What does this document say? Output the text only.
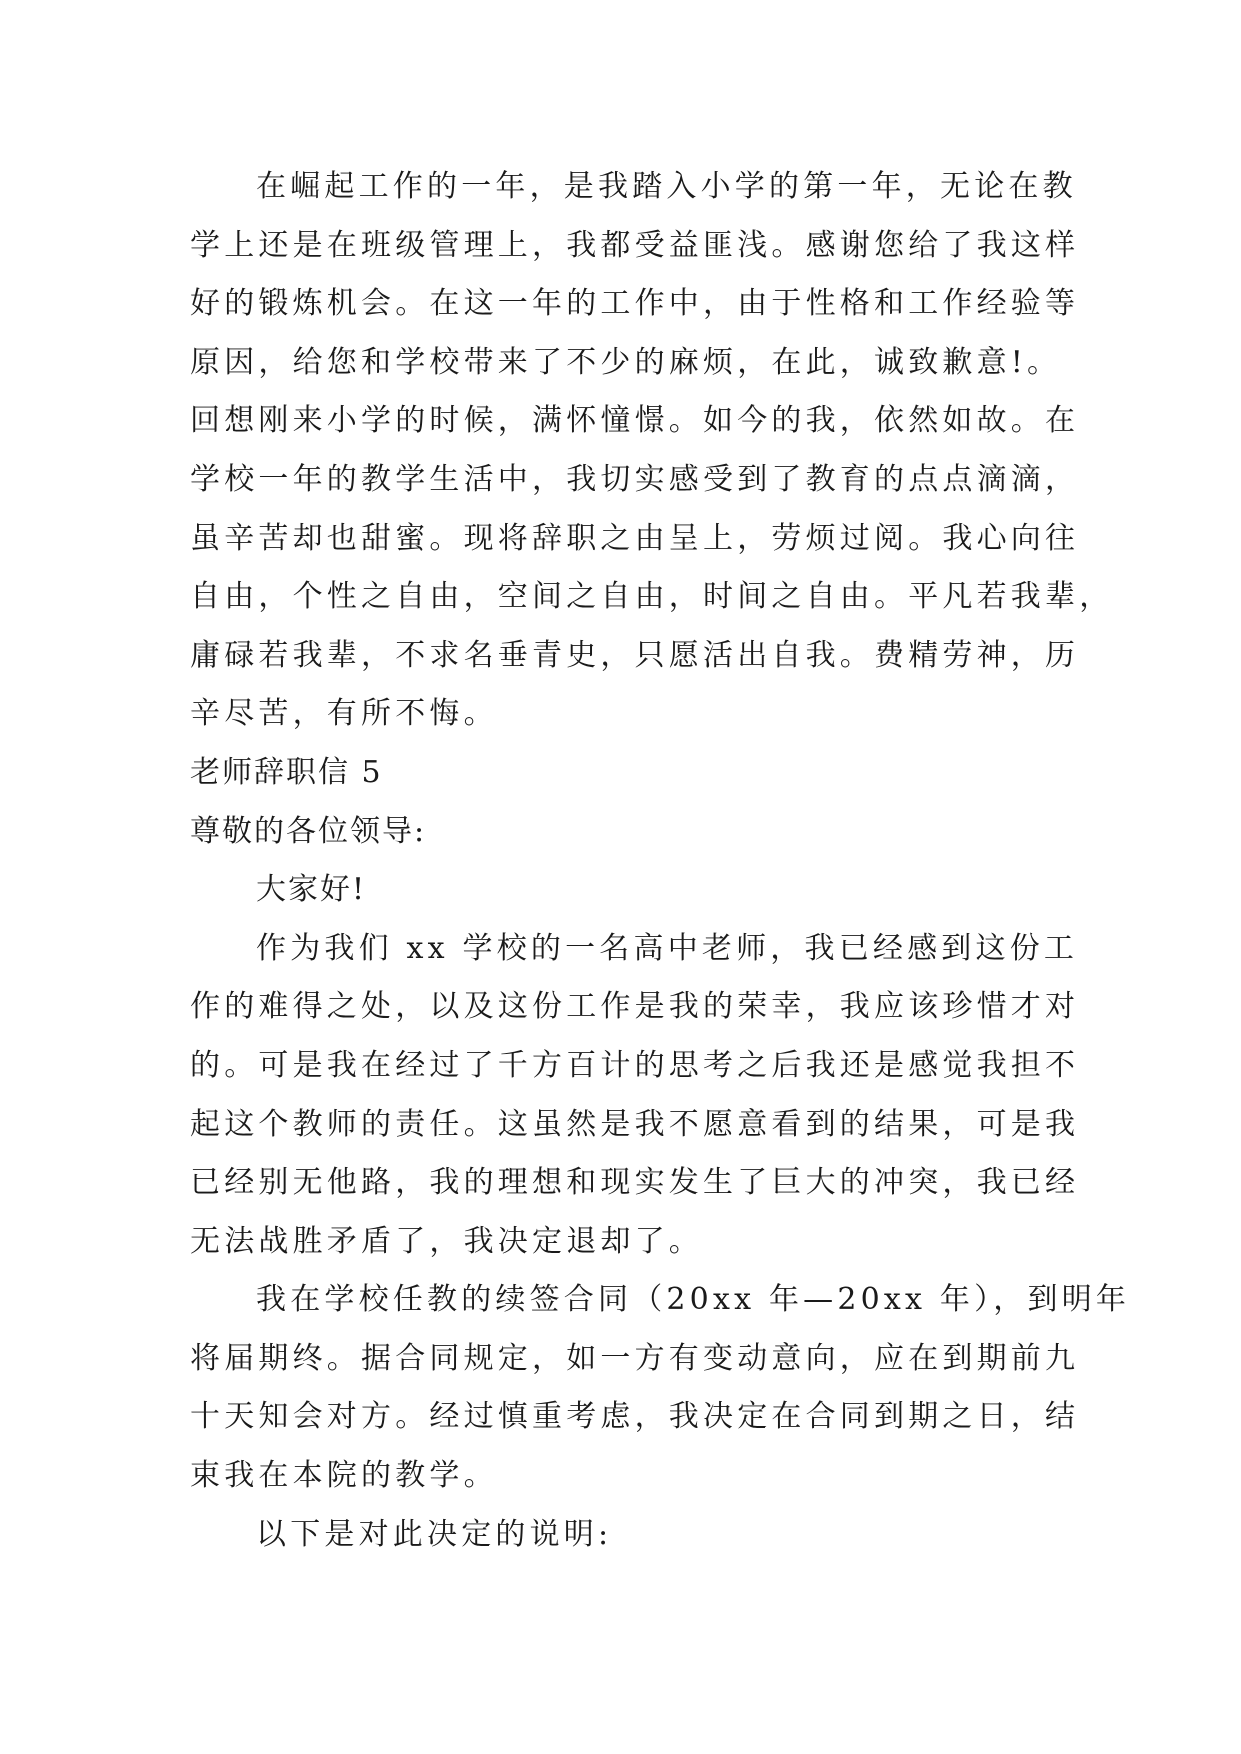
在崛起工作的一年，是我踏入小学的第一年，无论在教
学上还是在班级管理上，我都受益匪浅。感谢您给了我这样
好的锻炼机会。在这一年的工作中，由于性格和工作经验等
原因，给您和学校带来了不少的麻烦，在此，诚致歉意!。
回想刚来小学的时候，满怀憧憬。如今的我，依然如故。在
学校一年的教学生活中，我切实感受到了教育的点点滴滴，
虽辛苦却也甜蜜。现将辞职之由呈上，劳烦过阅。我心向往
自由，个性之自由，空间之自由，时间之自由。平凡若我辈，
庸碌若我辈，不求名垂青史，只愿活出自我。费精劳神，历
辛尽苦，有所不悔。
老师辞职信 5
尊敬的各位领导:
大家好!
作为我们 xx 学校的一名高中老师，我已经感到这份工
作的难得之处，以及这份工作是我的荣幸，我应该珍惜才对
的。可是我在经过了千方百计的思考之后我还是感觉我担不
起这个教师的责任。这虽然是我不愿意看到的结果，可是我
已经别无他路，我的理想和现实发生了巨大的冲突，我已经
无法战胜矛盾了，我决定退却了。
我在学校任教的续签合同（20xx 年—20xx 年），到明年
将届期终。据合同规定，如一方有变动意向，应在到期前九
十天知会对方。经过慎重考虑，我决定在合同到期之日，结
束我在本院的教学。
以下是对此决定的说明:
